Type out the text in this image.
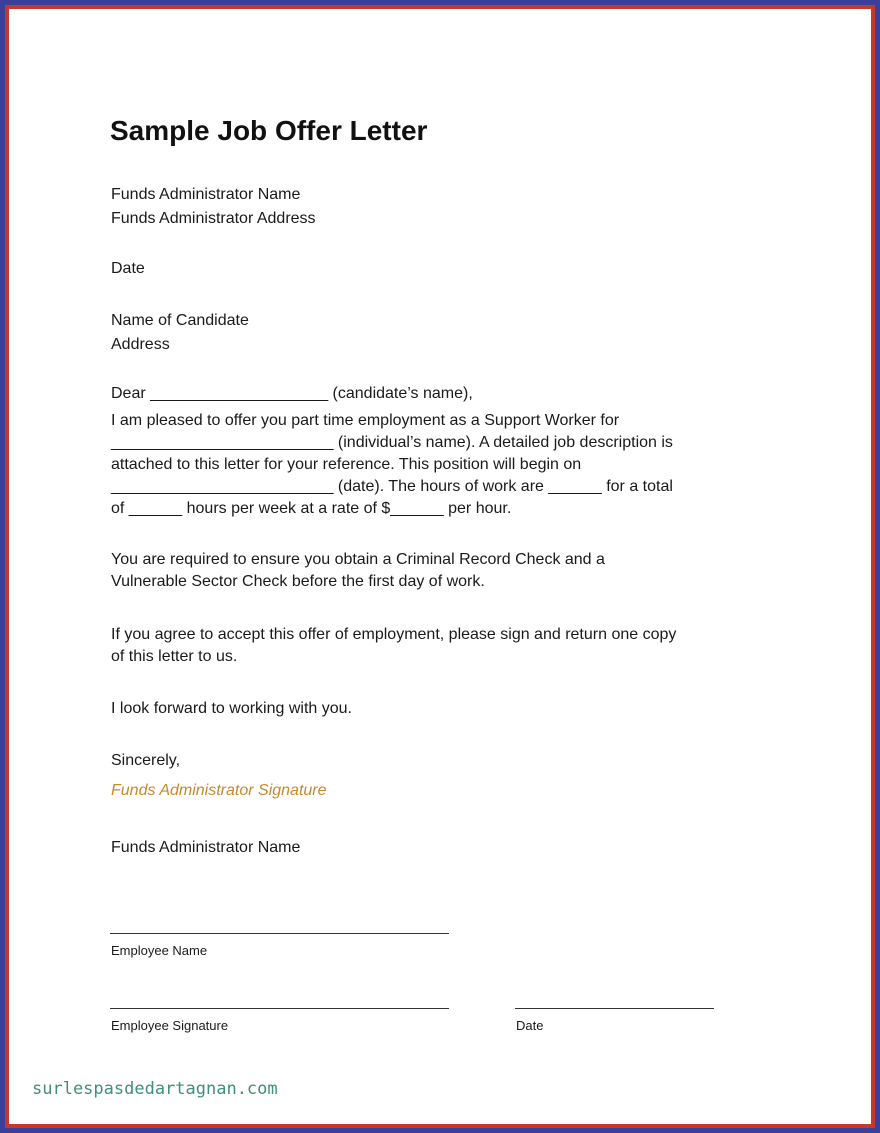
Sample Job Offer Letter
Funds Administrator Name
Funds Administrator Address
Date
Name of Candidate
Address
Dear ____________________ (candidate’s name),
I am pleased to offer you part time employment as a Support Worker for
_________________________ (individual’s name). A detailed job description is
attached to this letter for your reference. This position will begin on
_________________________ (date). The hours of work are ______ for a total
of ______ hours per week at a rate of $______ per hour.
You are required to ensure you obtain a Criminal Record Check and a
Vulnerable Sector Check before the first day of work.
If you agree to accept this offer of employment, please sign and return one copy
of this letter to us.
I look forward to working with you.
Sincerely,
Funds Administrator Signature
Funds Administrator Name
Employee Name
Employee Signature	Date
surlespasdedartagnan.com
